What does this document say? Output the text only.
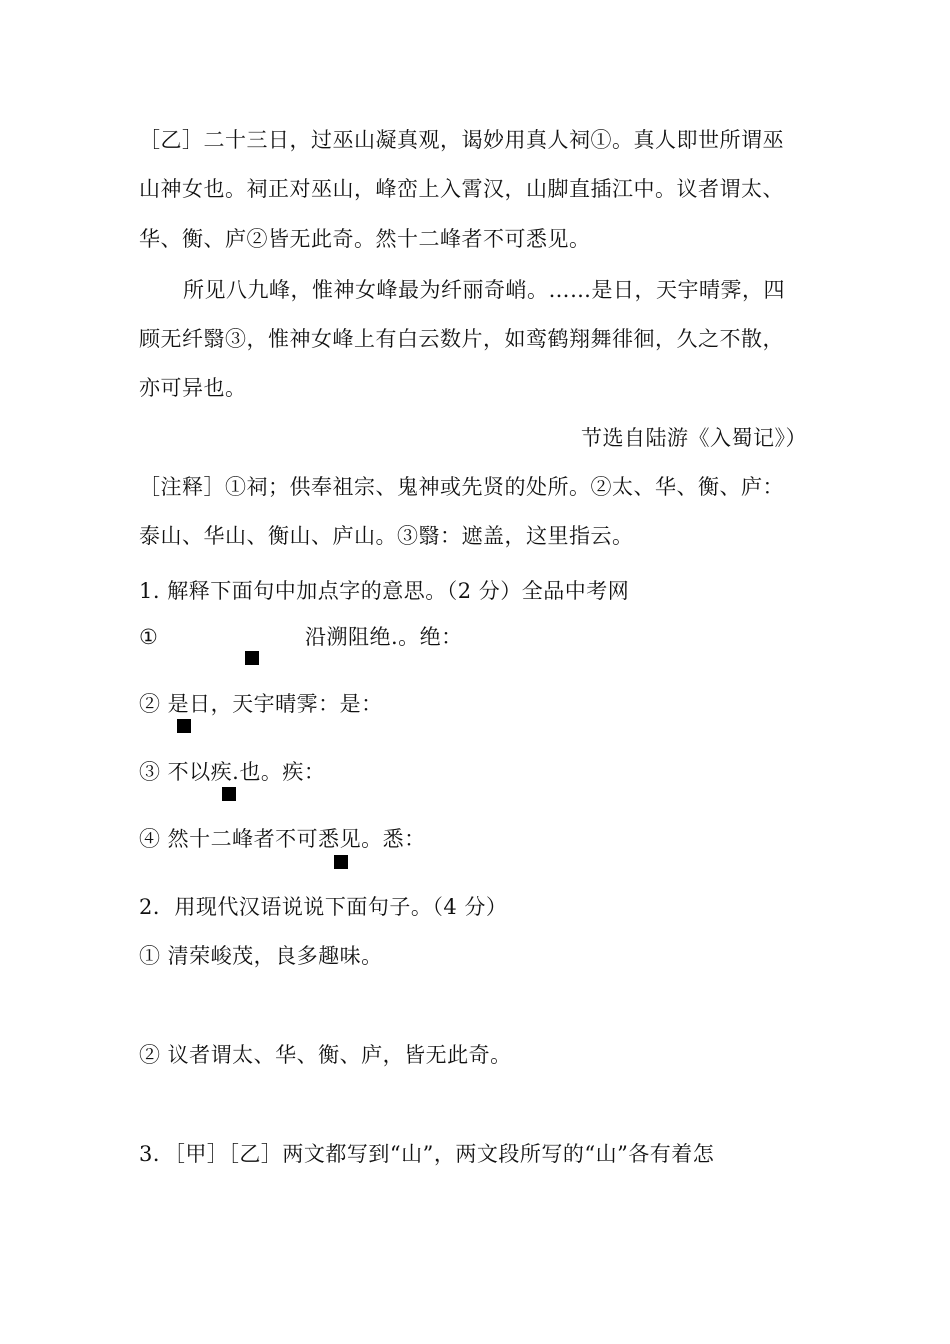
［乙］二十三日，过巫山凝真观，谒妙用真人祠①。真人即世所谓巫
山神女也。祠正对巫山，峰峦上入霄汉，山脚直插江中。议者谓太、
华、衡、庐②皆无此奇。然十二峰者不可悉见。
所见八九峰，惟神女峰最为纤丽奇峭。……是日，天宇晴霁，四
顾无纤翳③，惟神女峰上有白云数片，如鸾鹤翔舞徘徊，久之不散，
亦可异也。
节选自陆游《入蜀记》）
［注释］①祠；供奉祖宗、鬼神或先贤的处所。②太、华、衡、庐：
泰山、华山、衡山、庐山。③翳：遮盖，这里指云。
1. 解释下面句中加点字的意思。（2 分）全品中考网
①	沿溯阻绝.。绝：
② 是日，天宇晴霁：是：
③ 不以疾.也。疾：
④ 然十二峰者不可悉见。悉：
2．用现代汉语说说下面句子。（4 分）
① 清荣峻茂，良多趣味。
② 议者谓太、华、衡、庐，皆无此奇。
3．［甲］［乙］两文都写到“山”，两文段所写的“山”各有着怎
